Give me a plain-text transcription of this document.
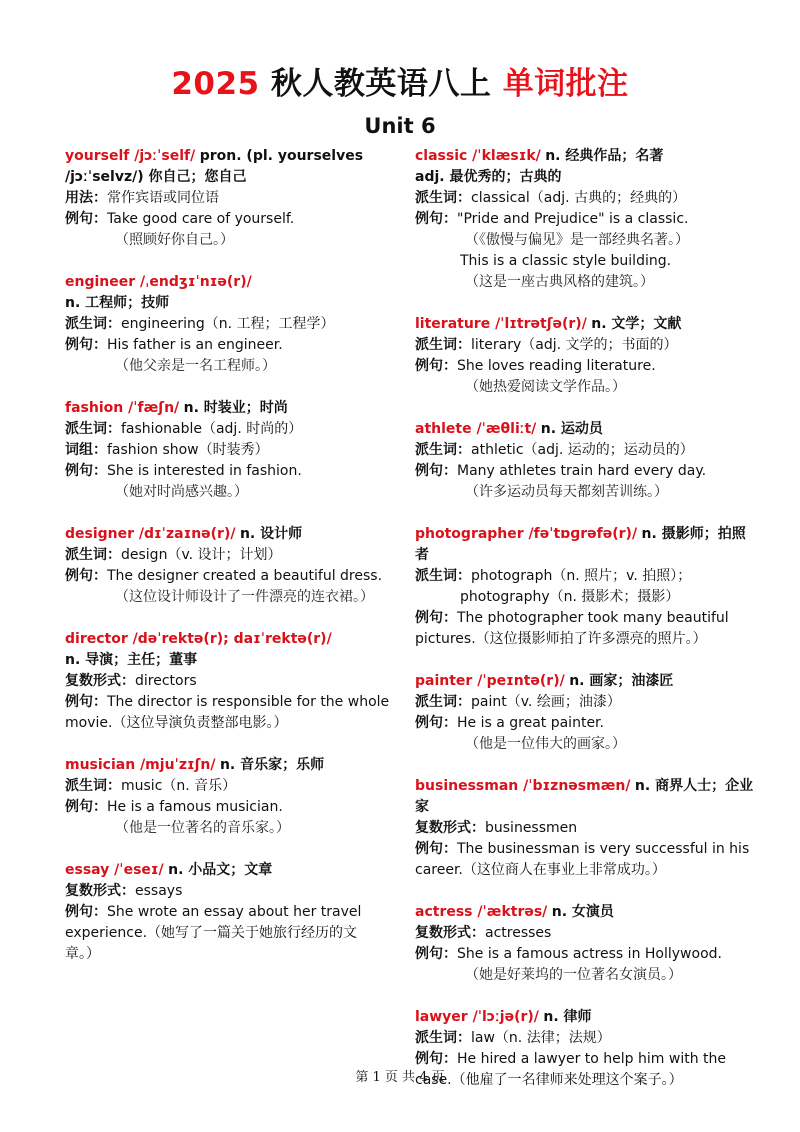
2025 秋人教英语八上 单词批注
Unit 6
yourself /jɔːˈself/ pron. (pl. yourselves
/jɔːˈselvz/) 你自己；您自己
用法：常作宾语或同位语
例句：Take good care of yourself.
（照顾好你自己。）
engineer /ˌendʒɪˈnɪə(r)/
n. 工程师；技师
派生词：engineering（n. 工程；工程学）
例句：His father is an engineer.
（他父亲是一名工程师。）
fashion /ˈfæʃn/ n. 时装业；时尚
派生词：fashionable（adj. 时尚的）
词组：fashion show（时装秀）
例句：She is interested in fashion.
（她对时尚感兴趣。）
designer /dɪˈzaɪnə(r)/ n. 设计师
派生词：design（v. 设计；计划）
例句：The designer created a beautiful dress.
（这位设计师设计了一件漂亮的连衣裙。）
director /dəˈrektə(r); daɪˈrektə(r)/
n. 导演；主任；董事
复数形式：directors
例句：The director is responsible for the whole
movie.（这位导演负责整部电影。）
musician /mjuˈzɪʃn/ n. 音乐家；乐师
派生词：music（n. 音乐）
例句：He is a famous musician.
（他是一位著名的音乐家。）
essay /ˈeseɪ/ n. 小品文；文章
复数形式：essays
例句：She wrote an essay about her travel
experience.（她写了一篇关于她旅行经历的文
章。）
classic /ˈklæsɪk/ n. 经典作品；名著
adj. 最优秀的；古典的
派生词：classical（adj. 古典的；经典的）
例句："Pride and Prejudice" is a classic.
（《傲慢与偏见》是一部经典名著。）
This is a classic style building.
（这是一座古典风格的建筑。）
literature /ˈlɪtrətʃə(r)/ n. 文学；文献
派生词：literary（adj. 文学的；书面的）
例句：She loves reading literature.
（她热爱阅读文学作品。）
athlete /ˈæθliːt/ n. 运动员
派生词：athletic（adj. 运动的；运动员的）
例句：Many athletes train hard every day.
（许多运动员每天都刻苦训练。）
photographer /fəˈtɒɡrəfə(r)/ n. 摄影师；拍照者
派生词：photograph（n. 照片；v. 拍照）；
photography（n. 摄影术；摄影）
例句：The photographer took many beautiful
pictures.（这位摄影师拍了许多漂亮的照片。）
painter /ˈpeɪntə(r)/ n. 画家；油漆匠
派生词：paint（v. 绘画；油漆）
例句：He is a great painter.
（他是一位伟大的画家。）
businessman /ˈbɪznəsmæn/ n. 商界人士；企业家
复数形式：businessmen
例句：The businessman is very successful in his
career.（这位商人在事业上非常成功。）
actress /ˈæktrəs/ n. 女演员
复数形式：actresses
例句：She is a famous actress in Hollywood.
（她是好莱坞的一位著名女演员。）
lawyer /ˈlɔːjə(r)/ n. 律师
派生词：law（n. 法律；法规）
例句：He hired a lawyer to help him with the
case.（他雇了一名律师来处理这个案子。）
第 1 页 共 4 页
